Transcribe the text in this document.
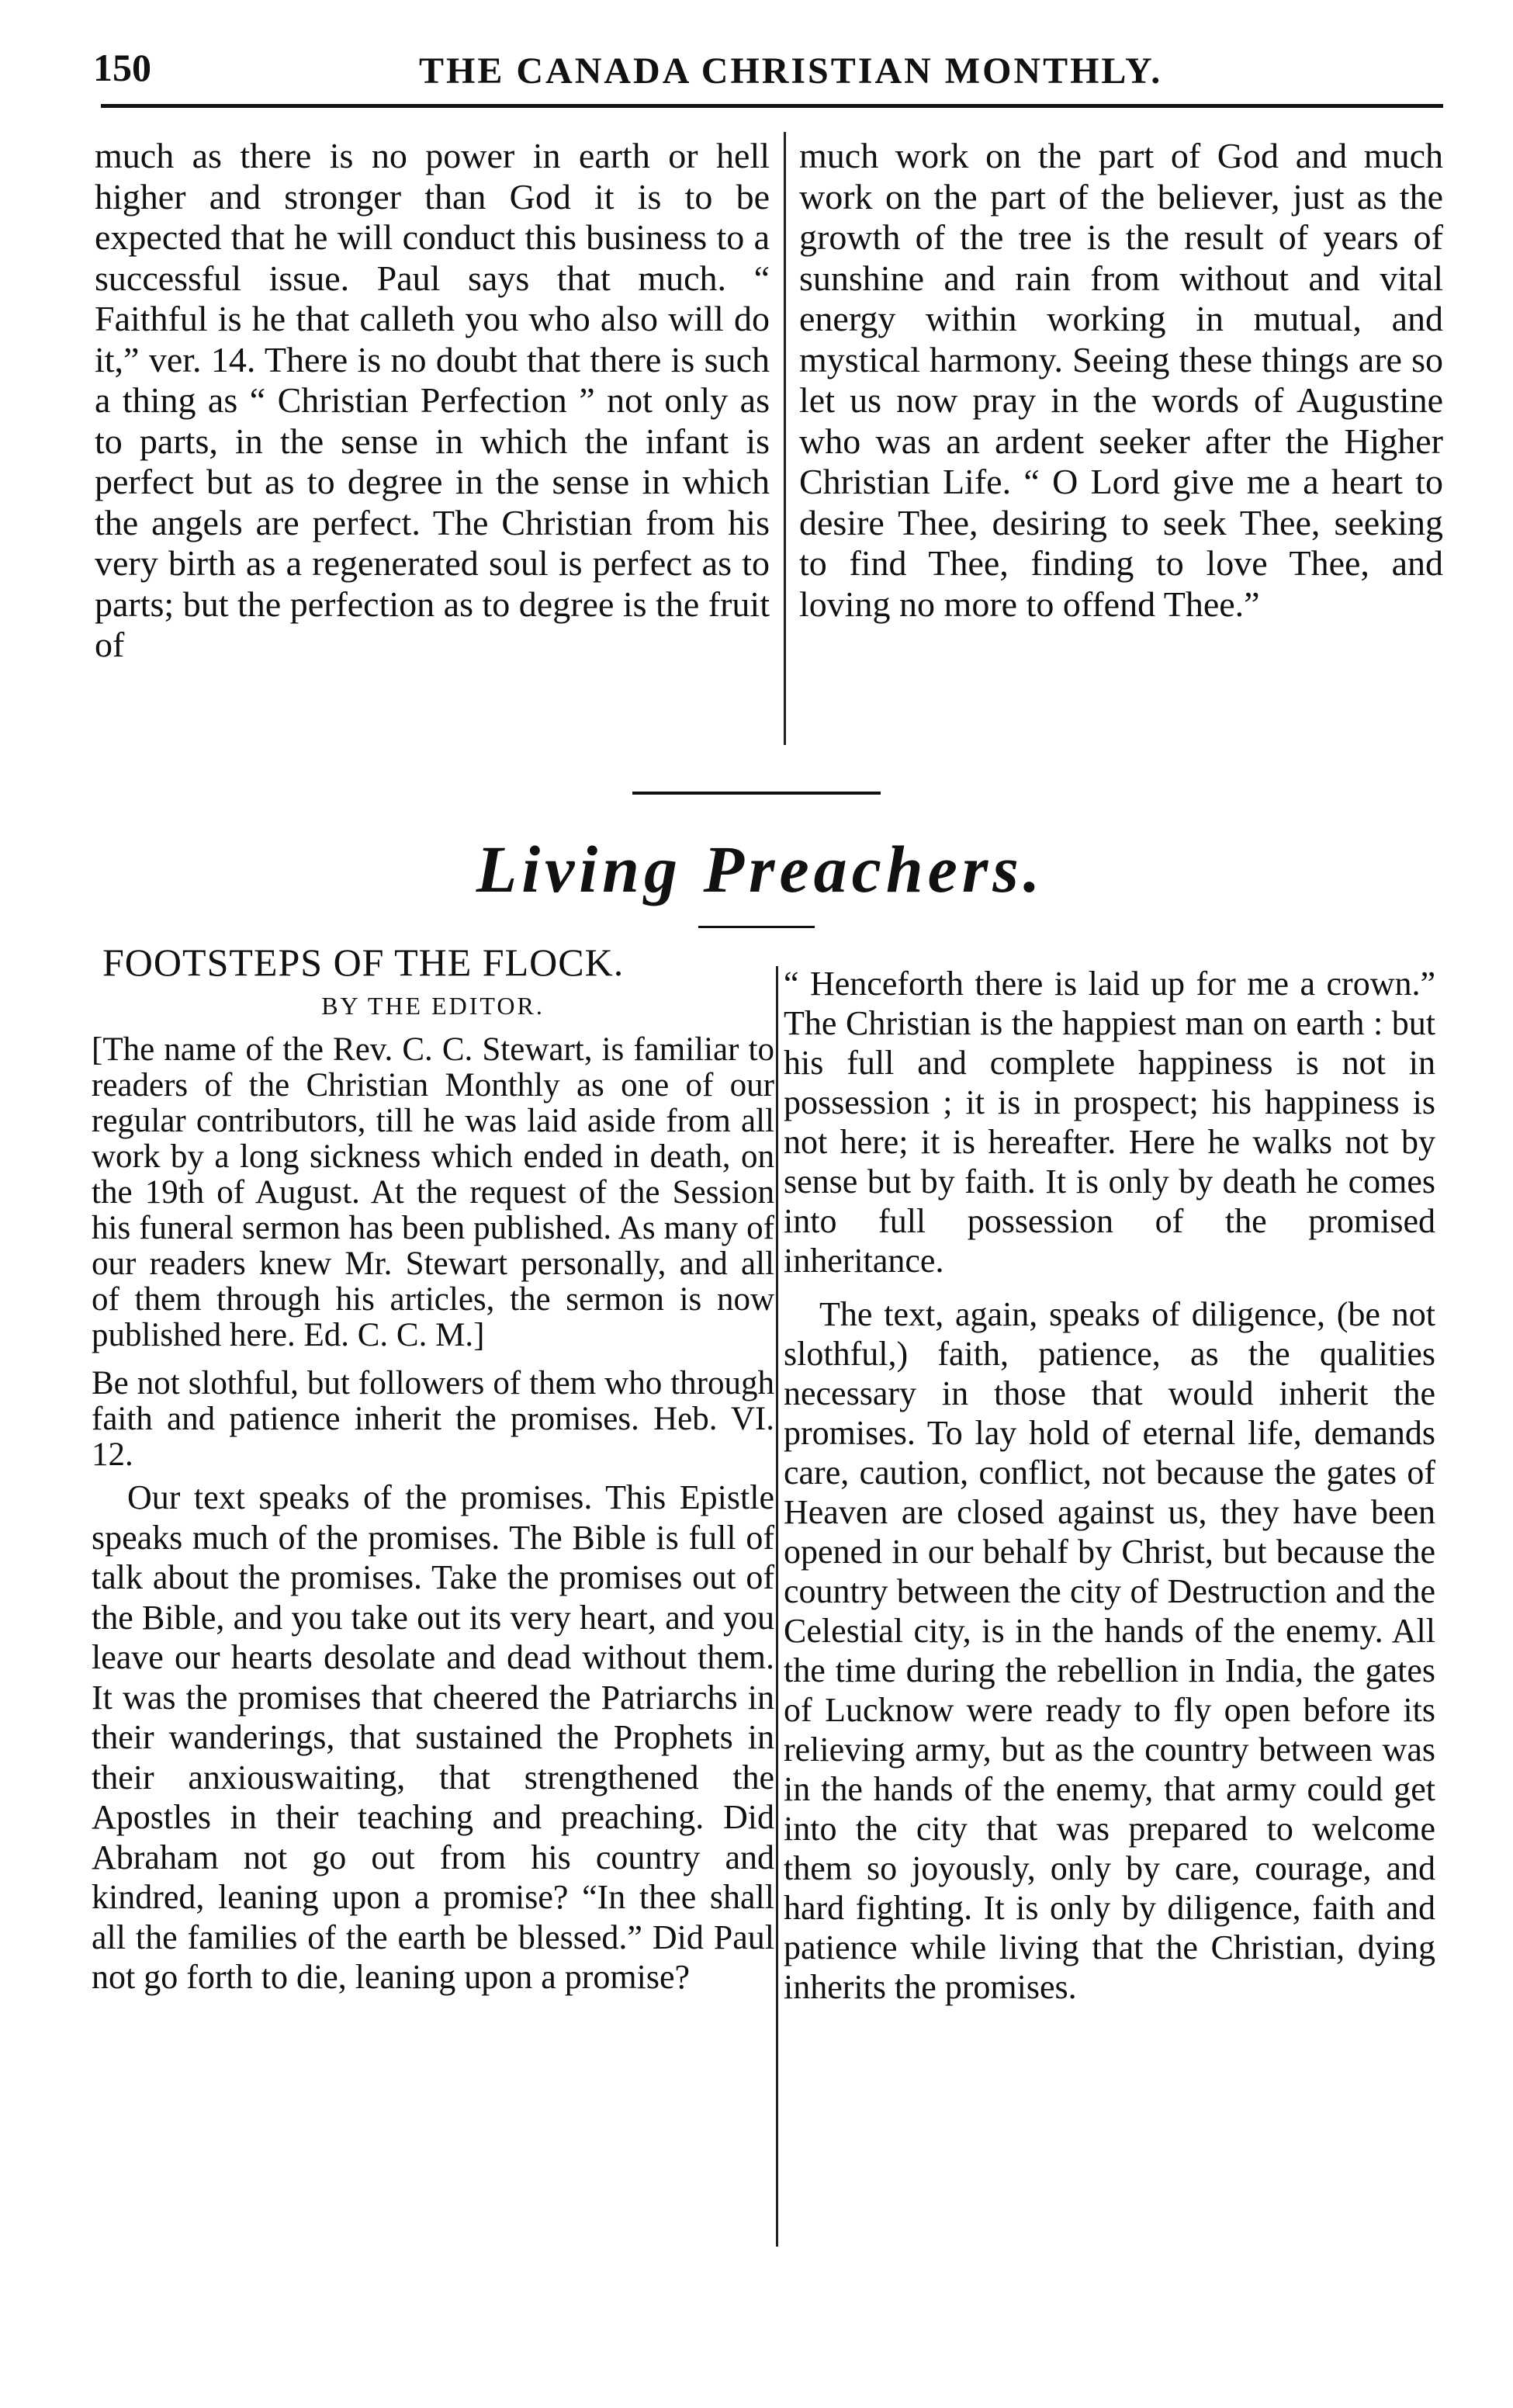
150	THE CANADA CHRISTIAN MONTHLY.

much as there is no power in earth or hell higher and stronger than God it is to be expected that he will conduct this business to a successful issue. Paul says that much. “ Faithful is he that calleth you who also will do it,” ver. 14. There is no doubt that there is such a thing as “ Christian Perfection ” not only as to parts, in the sense in which the infant is perfect but as to degree in the sense in which the angels are perfect. The Christian from his very birth as a regenerated soul is perfect as to parts; but the perfection as to degree is the fruit of

much work on the part of God and much work on the part of the believer, just as the growth of the tree is the result of years of sunshine and rain from without and vital energy within working in mutual, and mystical harmony. Seeing these things are so let us now pray in the words of Augustine who was an ardent seeker after the Higher Christian Life. “ O Lord give me a heart to desire Thee, desiring to seek Thee, seeking to find Thee, finding to love Thee, and loving no more to offend Thee.”

Living Preachers.
FOOTSTEPS OF THE FLOCK.
BY THE EDITOR.

[The name of the Rev. C. C. Stewart, is familiar to readers of the Christian Monthly as one of our regular contributors, till he was laid aside from all work by a long sickness which ended in death, on the 19th of August. At the request of the Session his funeral sermon has been published. As many of our readers knew Mr. Stewart personally, and all of them through his articles, the sermon is now published here. Ed. C. C. M.]

Be not slothful, but followers of them who through faith and patience inherit the promises. Heb. VI. 12.

Our text speaks of the promises. This Epistle speaks much of the promises. The Bible is full of talk about the promises. Take the promises out of the Bible, and you take out its very heart, and you leave our hearts desolate and dead without them. It was the promises that cheered the Patriarchs in their wanderings, that sustained the Prophets in their anxiouswaiting, that strengthened the Apostles in their teaching and preaching. Did Abraham not go out from his country and kindred, leaning upon a promise? “In thee shall all the families of the earth be blessed.” Did Paul not go forth to die, leaning upon a promise?

“ Henceforth there is laid up for me a crown.” The Christian is the happiest man on earth : but his full and complete happiness is not in possession ; it is in prospect; his happiness is not here; it is hereafter. Here he walks not by sense but by faith. It is only by death he comes into full possession of the promised inheritance.

The text, again, speaks of diligence, (be not slothful,) faith, patience, as the qualities necessary in those that would inherit the promises. To lay hold of eternal life, demands care, caution, conflict, not because the gates of Heaven are closed against us, they have been opened in our behalf by Christ, but because the country between the city of Destruction and the Celestial city, is in the hands of the enemy. All the time during the rebellion in India, the gates of Lucknow were ready to fly open before its relieving army, but as the country between was in the hands of the enemy, that army could get into the city that was prepared to welcome them so joyously, only by care, courage, and hard fighting. It is only by diligence, faith and patience while living that the Christian, dying inherits the promises.
